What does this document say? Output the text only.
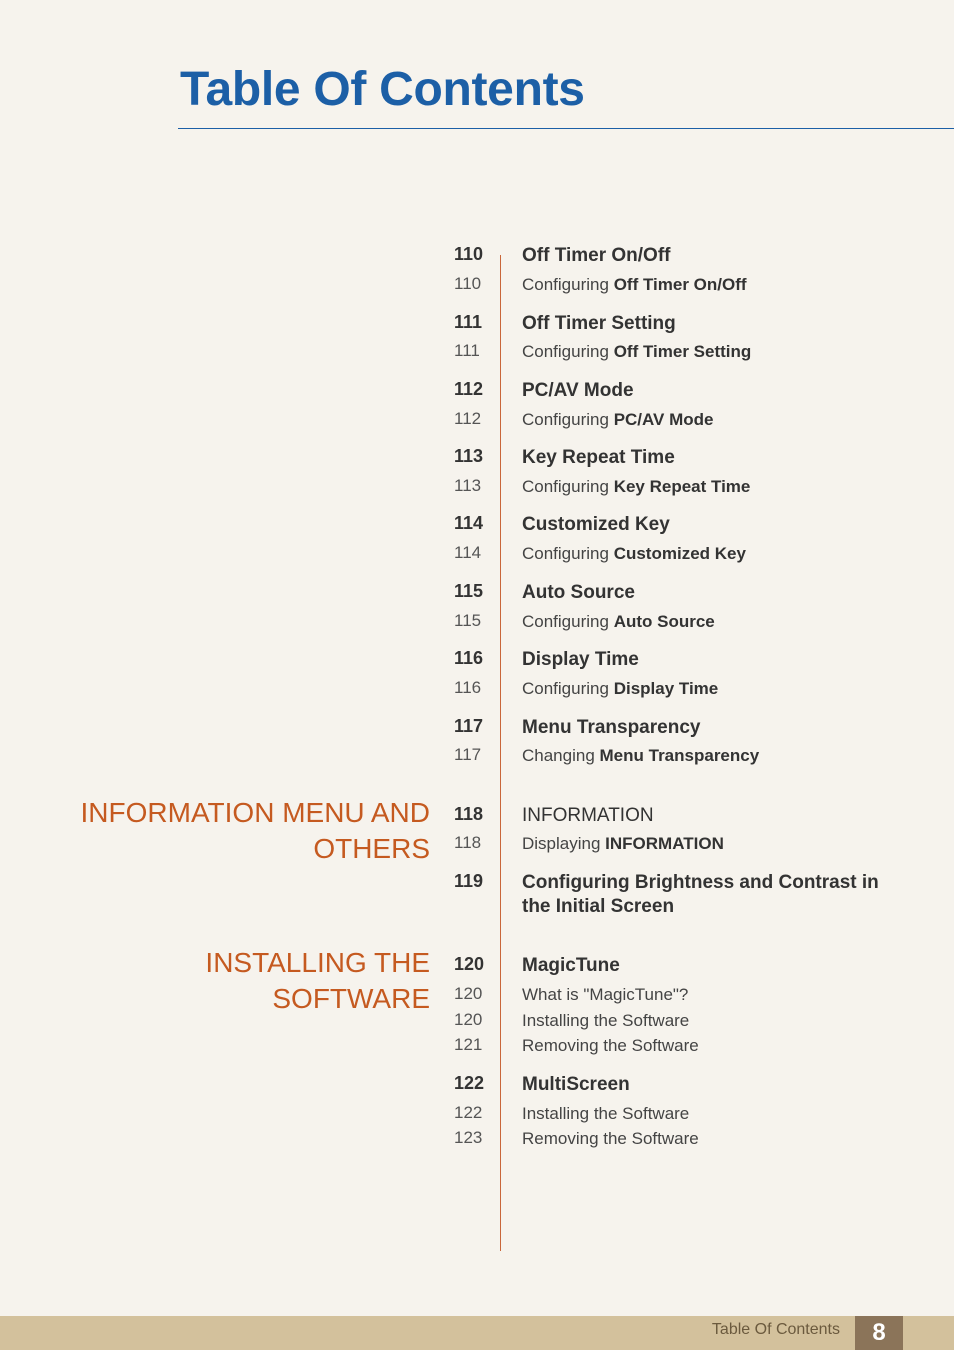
Table Of Contents
INFORMATION MENU AND OTHERS
INSTALLING THE SOFTWARE
110	Off Timer On/Off
110	Configuring Off Timer On/Off
111	Off Timer Setting
111	Configuring Off Timer Setting
112	PC/AV Mode
112	Configuring PC/AV Mode
113	Key Repeat Time
113	Configuring Key Repeat Time
114	Customized Key
114	Configuring Customized Key
115	Auto Source
115	Configuring Auto Source
116	Display Time
116	Configuring Display Time
117	Menu Transparency
117	Changing Menu Transparency
118	INFORMATION
118	Displaying INFORMATION
119	Configuring Brightness and Contrast in the Initial Screen
120	MagicTune
120	What is "MagicTune"?
120	Installing the Software
121	Removing the Software
122	MultiScreen
122	Installing the Software
123	Removing the Software
Table Of Contents	8
